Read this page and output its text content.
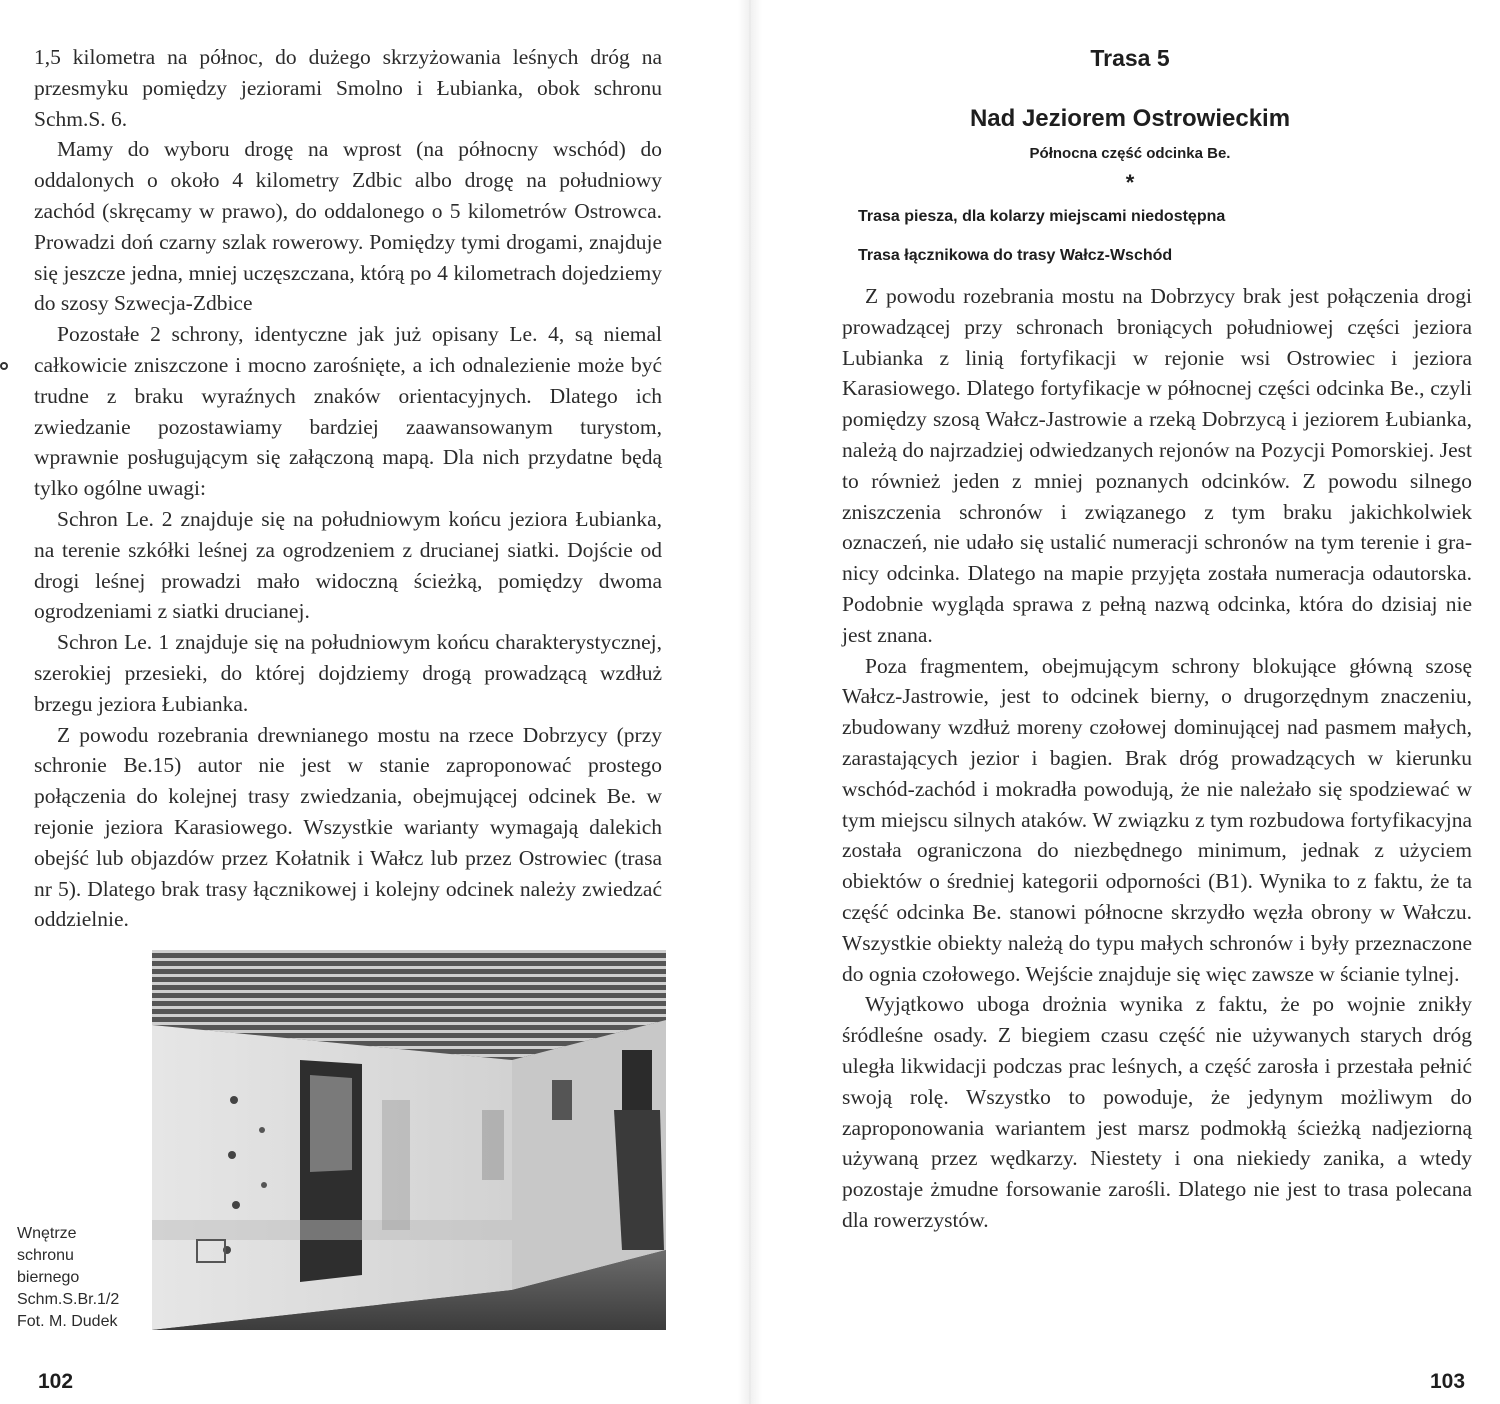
1,5 kilometra na północ, do dużego skrzyżowania leśnych dróg na przesmyku pomiędzy jeziorami Smolno i Łubianka, obok schronu Schm.S. 6.

Mamy do wyboru drogę na wprost (na północny wschód) do oddalonych o około 4 kilometry Zdbic albo drogę na południowy zachód (skręcamy w prawo), do oddalonego o 5 kilometrów Ostrowca. Prowadzi doń czarny szlak rowerowy. Pomiędzy tymi drogami, znajduje się jeszcze jedna, mniej uczęszczana, którą po 4 kilometrach dojedziemy do szosy Szwecja-Zdbice

Pozostałe 2 schrony, identyczne jak już opisany Le. 4, są niemal całkowicie zniszczone i mocno zarośnięte, a ich odnalezienie może być trudne z braku wyraźnych znaków orientacyjnych. Dlatego ich zwiedzanie pozostawiamy bardziej zaawansowanym turystom, wprawnie posługującym się załączoną mapą. Dla nich przydatne będą tylko ogólne uwagi:

Schron Le. 2 znajduje się na południowym końcu jeziora Łubianka, na terenie szkółki leśnej za ogrodzeniem z drucianej siatki. Dojście od drogi leśnej prowadzi mało widoczną ścieżką, pomiędzy dwoma ogrodzeniami z siatki drucianej.

Schron Le. 1 znajduje się na południowym końcu charakterystycznej, szerokiej przesieki, do której dojdziemy drogą prowadzącą wzdłuż brzegu jeziora Łubianka.

Z powodu rozebrania drewnianego mostu na rzece Dobrzycy (przy schronie Be.15) autor nie jest w stanie zaproponować prostego połączenia do kolejnej trasy zwiedzania, obejmującej odcinek Be. w rejonie jeziora Karasiowego. Wszystkie warianty wymagają dalekich obejść lub objazdów przez Kołatnik i Wałcz lub przez Ostrowiec (trasa nr 5). Dlatego brak trasy łącznikowej i kolejny odcinek należy zwiedzać oddzielnie.

Wnętrze
schronu
biernego
Schm.S.Br.1/2
Fot. M. Dudek
102
Trasa 5
Nad Jeziorem Ostrowieckim
Północna część odcinka Be.
*
Trasa piesza, dla kolarzy miejscami niedostępna
Trasa łącznikowa do trasy Wałcz-Wschód

Z powodu rozebrania mostu na Dobrzycy brak jest połączenia drogi prowadzącej przy schronach broniących południowej części jeziora Lubianka z linią fortyfikacji w rejonie wsi Ostrowiec i jeziora Karasiowego. Dlatego fortyfikacje w północnej części odcinka Be., czyli pomiędzy szosą Wałcz-Jastrowie a rzeką Dobrzycą i jeziorem Łubianka, należą do najrzadziej odwiedzanych rejonów na Pozycji Pomorskiej. Jest to również jeden z mniej poznanych odcinków. Z powodu silnego zniszczenia schronów i związanego z tym braku jakichkolwiek oznaczeń, nie udało się ustalić numeracji schronów na tym terenie i granicy odcinka. Dlatego na mapie przyjęta została numeracja odautorska. Podobnie wygląda sprawa z pełną nazwą odcinka, która do dzisiaj nie jest znana.

Poza fragmentem, obejmującym schrony blokujące główną szosę Wałcz-Jastrowie, jest to odcinek bierny, o drugorzędnym znaczeniu, zbudowany wzdłuż moreny czołowej dominującej nad pasmem małych, zarastających jezior i bagien. Brak dróg prowadzących w kierunku wschód-zachód i mokradła powodują, że nie należało się spodziewać w tym miejscu silnych ataków. W związku z tym rozbudowa fortyfikacyjna została ograniczona do niezbędnego minimum, jednak z użyciem obiektów o średniej kategorii odporności (B1). Wynika to z faktu, że ta część odcinka Be. stanowi północne skrzydło węzła obrony w Wałczu. Wszystkie obiekty należą do typu małych schronów i były przeznaczone do ognia czołowego. Wejście znajduje się więc zawsze w ścianie tylnej.

Wyjątkowo uboga drożnia wynika z faktu, że po wojnie znikły śródleśne osady. Z biegiem czasu część nie używanych starych dróg uległa likwidacji podczas prac leśnych, a część zarosła i przestała pełnić swoją rolę. Wszystko to powoduje, że jedynym możliwym do zaproponowania wariantem jest marsz podmokłą ścieżką nadjeziorną używaną przez wędkarzy. Niestety i ona niekiedy zanika, a wtedy pozostaje żmudne forsowanie zarośli. Dlatego nie jest to trasa polecana dla rowerzystów.

103
